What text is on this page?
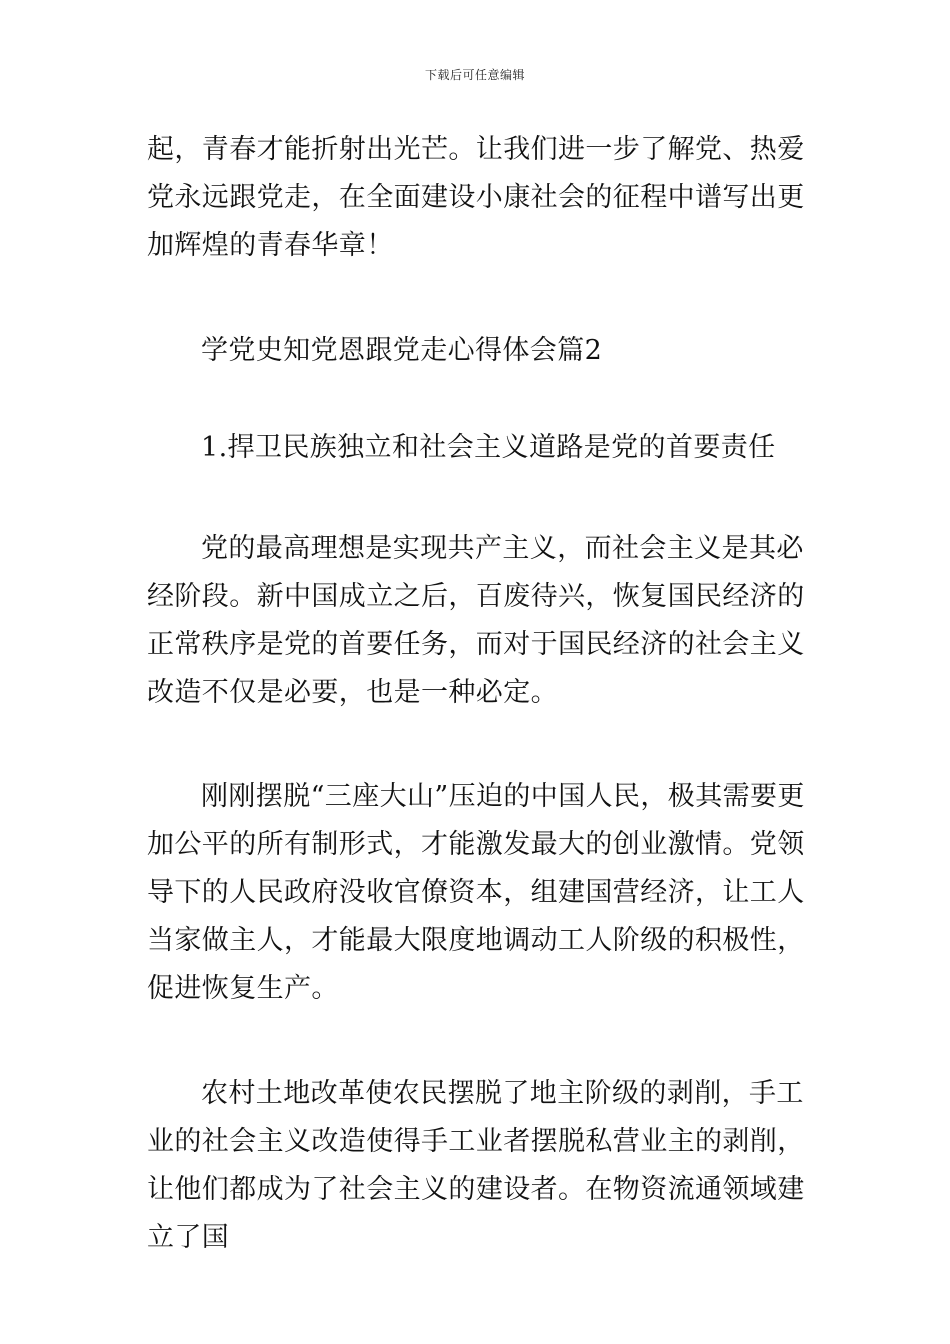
下载后可任意编辑

起，青春才能折射出光芒。让我们进一步了解党、热爱党永远跟党走，在全面建设小康社会的征程中谱写出更加辉煌的青春华章！

学党史知党恩跟党走心得体会篇2

1.捍卫民族独立和社会主义道路是党的首要责任

党的最高理想是实现共产主义，而社会主义是其必经阶段。新中国成立之后，百废待兴，恢复国民经济的正常秩序是党的首要任务，而对于国民经济的社会主义改造不仅是必要，也是一种必定。

刚刚摆脱“三座大山”压迫的中国人民，极其需要更加公平的所有制形式，才能激发最大的创业激情。党领导下的人民政府没收官僚资本，组建国营经济，让工人当家做主人，才能最大限度地调动工人阶级的积极性，促进恢复生产。

农村土地改革使农民摆脱了地主阶级的剥削，手工业的社会主义改造使得手工业者摆脱私营业主的剥削，让他们都成为了社会主义的建设者。在物资流通领域建立了国
